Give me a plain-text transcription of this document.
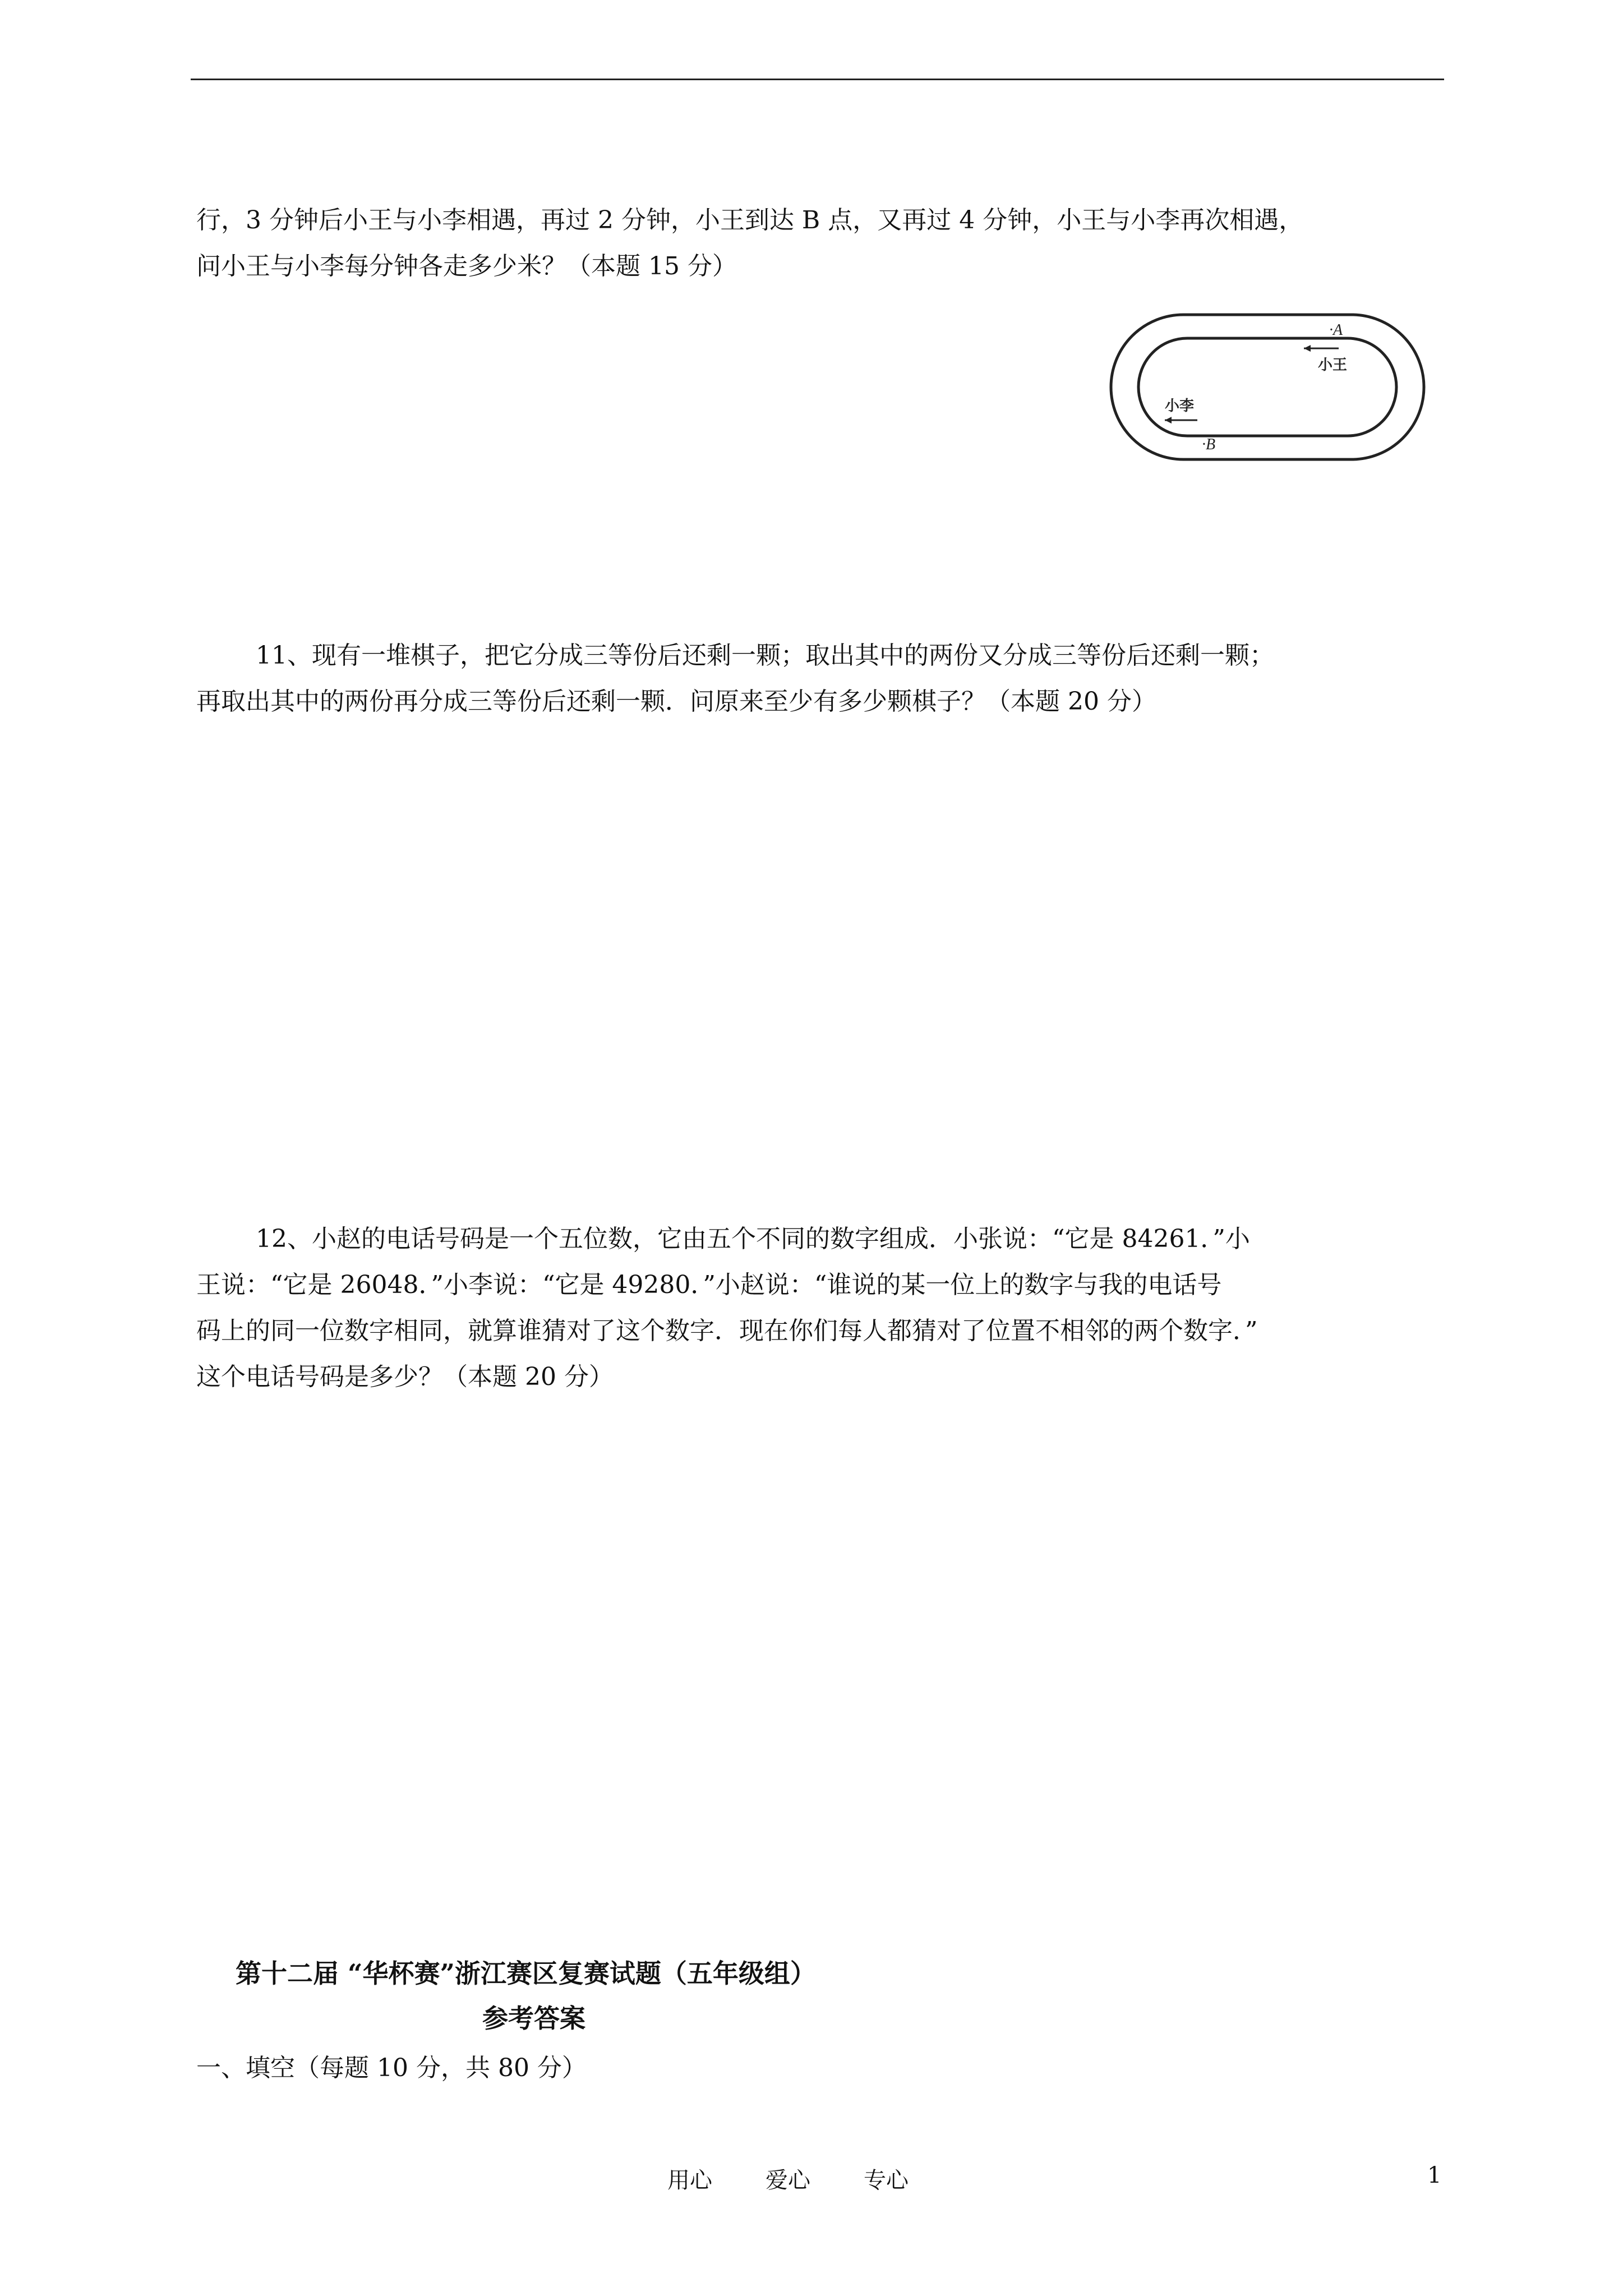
行，3 分钟后小王与小李相遇，再过 2 分钟，小王到达 B 点，又再过 4 分钟，小王与小李再次相遇，
问小王与小李每分钟各走多少米？（本题 15 分）
·A
小王
小李
·B
11、现有一堆棋子，把它分成三等份后还剩一颗；取出其中的两份又分成三等份后还剩一颗；
再取出其中的两份再分成三等份后还剩一颗．问原来至少有多少颗棋子？（本题 20 分）
12、小赵的电话号码是一个五位数，它由五个不同的数字组成．小张说：“它是 84261．”小
王说：“它是 26048．”小李说：“它是 49280．”小赵说：“谁说的某一位上的数字与我的电话号
码上的同一位数字相同，就算谁猜对了这个数字．现在你们每人都猜对了位置不相邻的两个数字．”
这个电话号码是多少？（本题 20 分）
第十二届 “华杯赛”浙江赛区复赛试题（五年级组）
参考答案
一、填空（每题 10 分，共 80 分）
用心 爱心 专心	1
